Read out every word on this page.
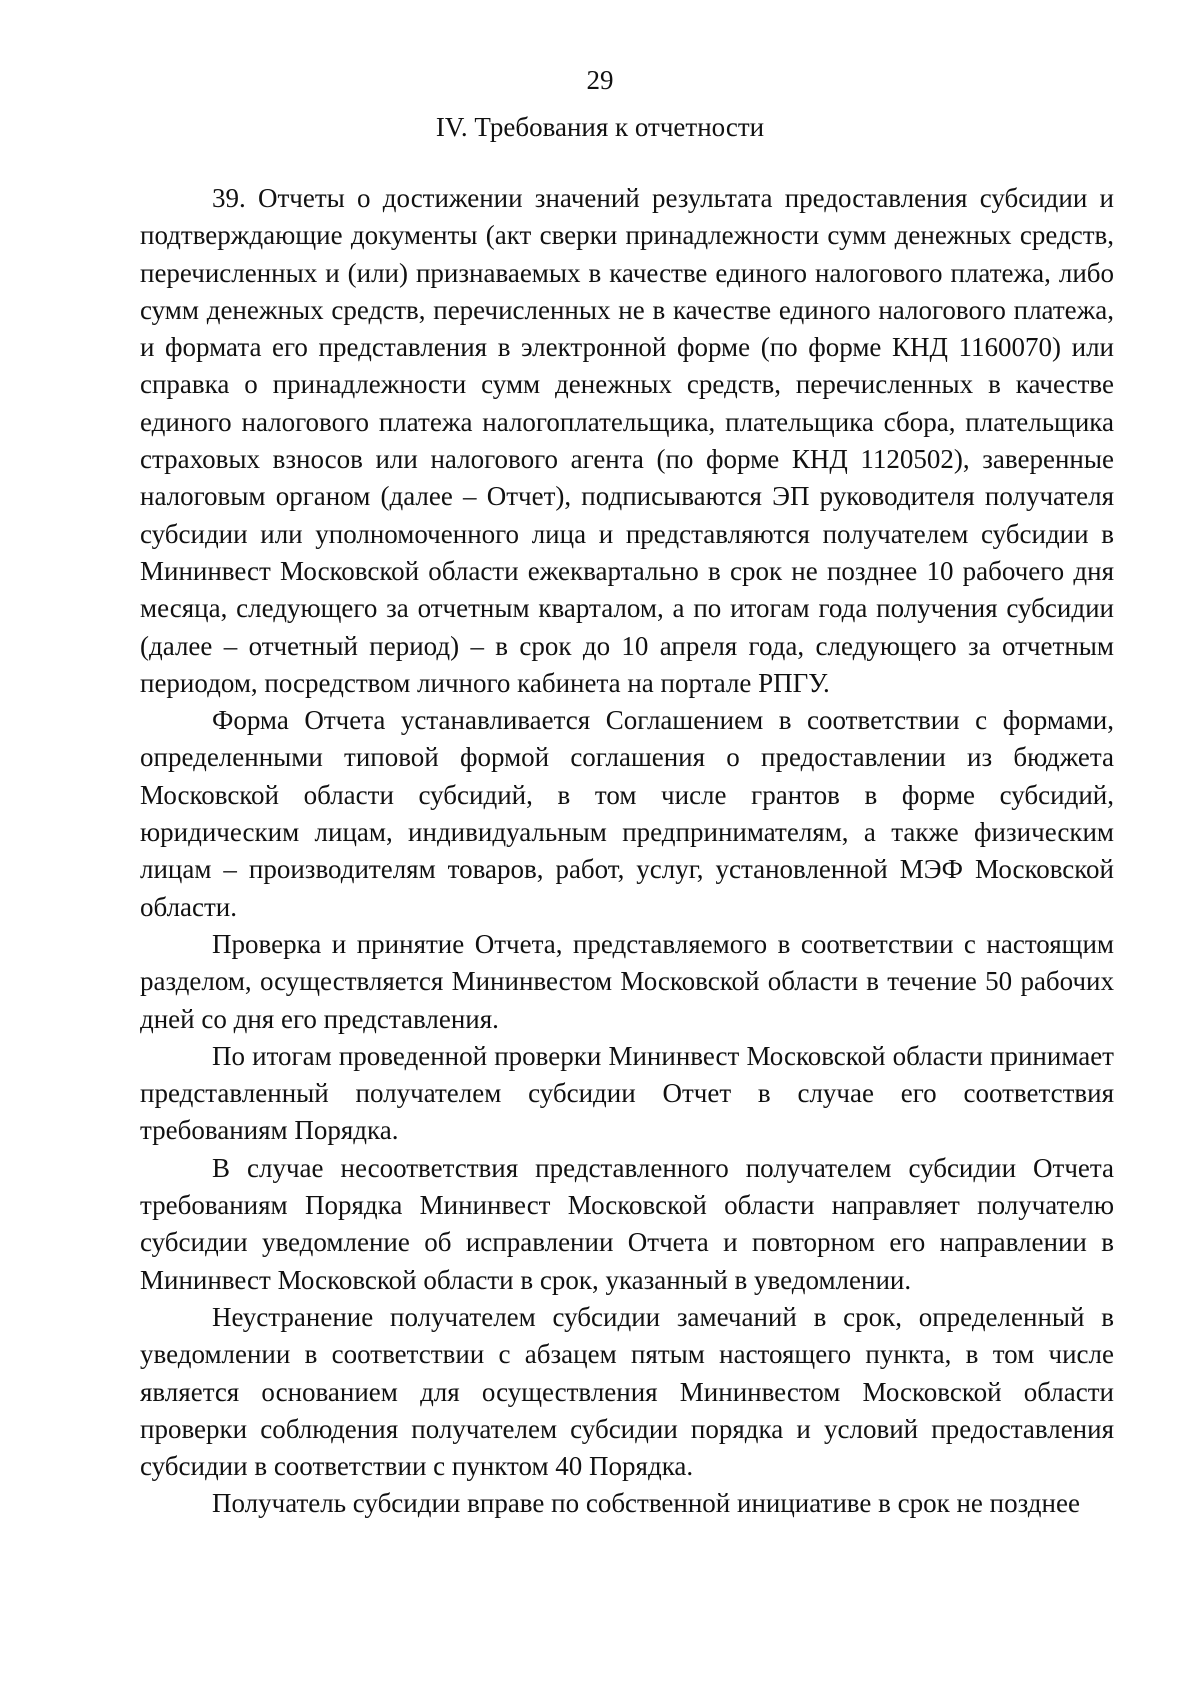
29
IV. Требования к отчетности

39. Отчеты о достижении значений результата предоставления субсидии и подтверждающие документы (акт сверки принадлежности сумм денежных средств, перечисленных и (или) признаваемых в качестве единого налогового платежа, либо сумм денежных средств, перечисленных не в качестве единого налогового платежа, и формата его представления в электронной форме (по форме КНД 1160070) или справка о принадлежности сумм денежных средств, перечисленных в качестве единого налогового платежа налогоплательщика, плательщика сбора, плательщика страховых взносов или налогового агента (по форме КНД 1120502), заверенные налоговым органом (далее – Отчет), подписываются ЭП руководителя получателя субсидии или уполномоченного лица и представляются получателем субсидии в Мининвест Московской области ежеквартально в срок не позднее 10 рабочего дня месяца, следующего за отчетным кварталом, а по итогам года получения субсидии (далее – отчетный период) – в срок до 10 апреля года, следующего за отчетным периодом, посредством личного кабинета на портале РПГУ.

Форма Отчета устанавливается Соглашением в соответствии с формами, определенными типовой формой соглашения о предоставлении из бюджета Московской области субсидий, в том числе грантов в форме субсидий, юридическим лицам, индивидуальным предпринимателям, а также физическим лицам – производителям товаров, работ, услуг, установленной МЭФ Московской области.

Проверка и принятие Отчета, представляемого в соответствии с настоящим разделом, осуществляется Мининвестом Московской области в течение 50 рабочих дней со дня его представления.

По итогам проведенной проверки Мининвест Московской области принимает представленный получателем субсидии Отчет в случае его соответствия требованиям Порядка.

В случае несоответствия представленного получателем субсидии Отчета требованиям Порядка Мининвест Московской области направляет получателю субсидии уведомление об исправлении Отчета и повторном его направлении в Мининвест Московской области в срок, указанный в уведомлении.

Неустранение получателем субсидии замечаний в срок, определенный в уведомлении в соответствии с абзацем пятым настоящего пункта, в том числе является основанием для осуществления Мининвестом Московской области проверки соблюдения получателем субсидии порядка и условий предоставления субсидии в соответствии с пунктом 40 Порядка.

Получатель субсидии вправе по собственной инициативе в срок не позднее
